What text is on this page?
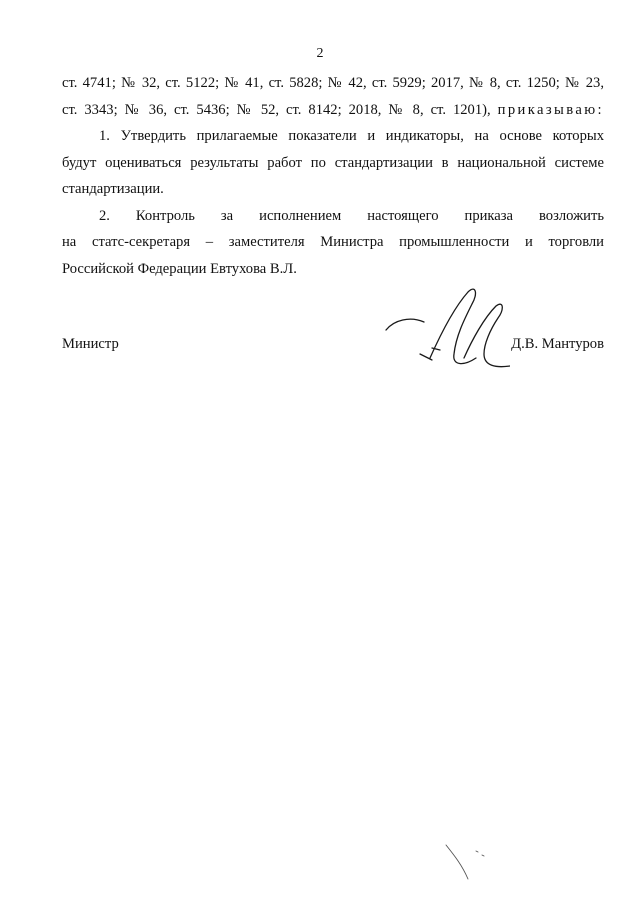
2
ст. 4741; № 32, ст. 5122; № 41, ст. 5828; № 42, ст. 5929; 2017, № 8, ст. 1250; № 23,
ст. 3343; № 36, ст. 5436; № 52, ст. 8142; 2018, № 8, ст. 1201), приказываю:
1. Утвердить прилагаемые показатели и индикаторы, на основе которых
будут оцениваться результаты работ по стандартизации в национальной системе
стандартизации.
2. Контроль за исполнением настоящего приказа возложить
на статс-секретаря – заместителя Министра промышленности и торговли
Российской Федерации Евтухова В.Л.
Министр	Д.В. Мантуров
